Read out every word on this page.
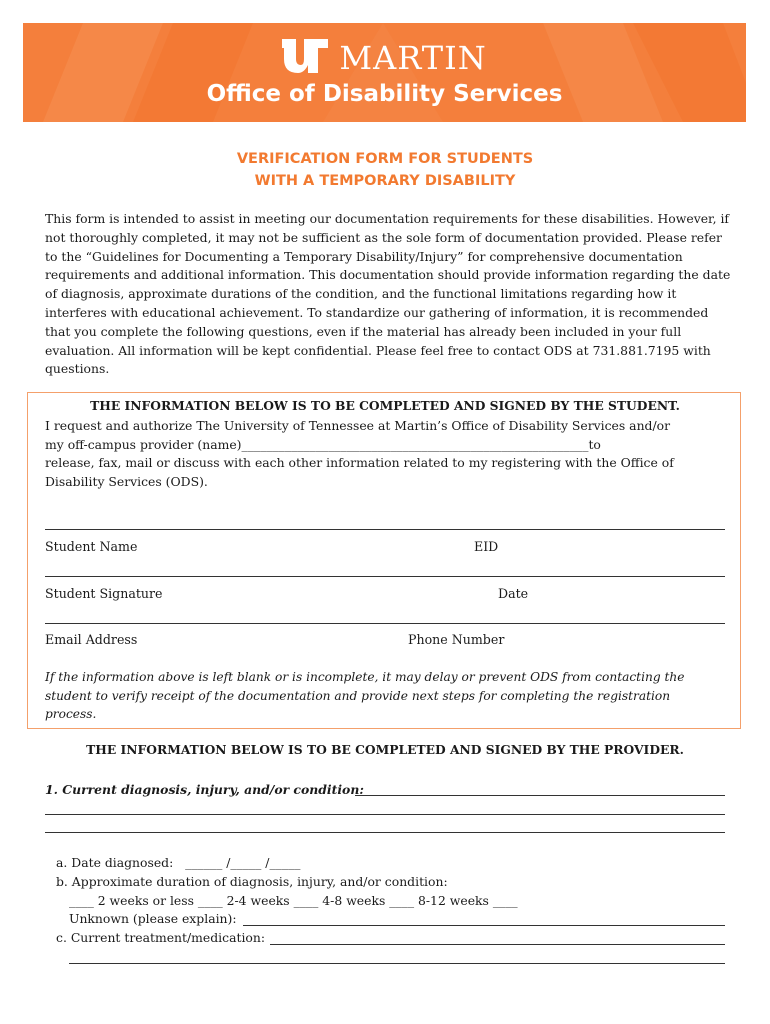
MARTIN
Office of Disability Services
VERIFICATION FORM FOR STUDENTS
WITH A TEMPORARY DISABILITY

This form is intended to assist in meeting our documentation requirements for these disabilities. However, if not thoroughly completed, it may not be sufficient as the sole form of documentation provided. Please refer to the “Guidelines for Documenting a Temporary Disability/Injury” for comprehensive documentation requirements and additional information. This documentation should provide information regarding the date of diagnosis, approximate durations of the condition, and the functional limitations regarding how it interferes with educational achievement. To standardize our gathering of information, it is recommended that you complete the following questions, even if the material has already been included in your full evaluation. All information will be kept confidential. Please feel free to contact ODS at 731.881.7195 with questions.

THE INFORMATION BELOW IS TO BE COMPLETED AND SIGNED BY THE STUDENT.
I request and authorize The University of Tennessee at Martin’s Office of Disability Services and/or
my off-campus provider (name)________________________________________________________to
release, fax, mail or discuss with each other information related to my registering with the Office of
Disability Services (ODS).
Student Name	EID
Student Signature	Date
Email Address	Phone Number

If the information above is left blank or is incomplete, it may delay or prevent ODS from contacting the student to verify receipt of the documentation and provide next steps for completing the registration process.

THE INFORMATION BELOW IS TO BE COMPLETED AND SIGNED BY THE PROVIDER.
1. Current diagnosis, injury, and/or condition:
a. Date diagnosed:   ______ /_____ /_____
b. Approximate duration of diagnosis, injury, and/or condition:
____ 2 weeks or less ____ 2-4 weeks ____ 4-8 weeks ____ 8-12 weeks ____
Unknown (please explain):
c. Current treatment/medication:
